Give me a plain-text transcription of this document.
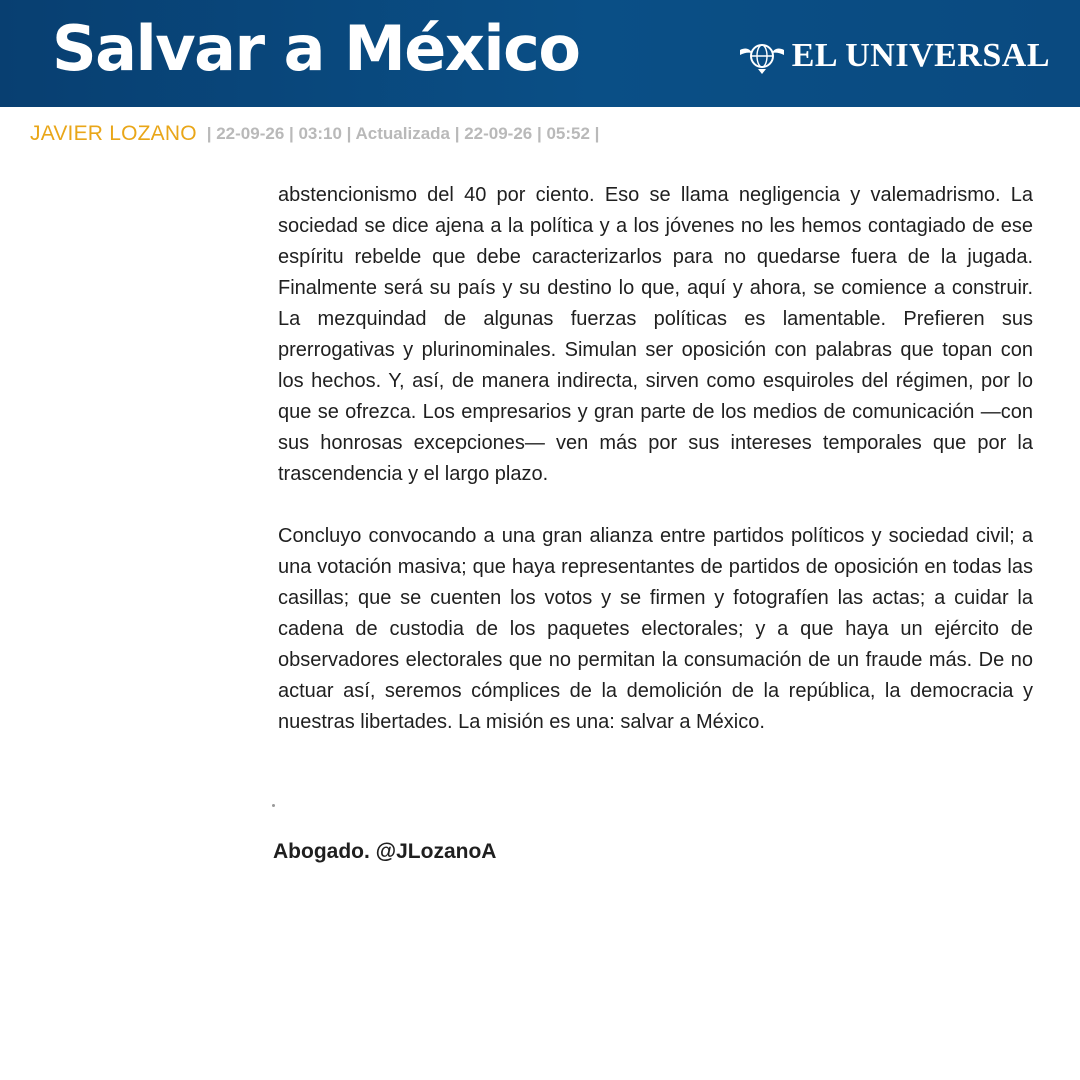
Salvar a México	EL UNIVERSAL
JAVIER LOZANO | 22-09-26 | 03:10 | Actualizada | 22-09-26 | 05:52 |

abstencionismo del 40 por ciento. Eso se llama negligencia y valemadrismo. La sociedad se dice ajena a la política y a los jóvenes no les hemos contagiado de ese espíritu rebelde que debe caracterizarlos para no quedarse fuera de la jugada. Finalmente será su país y su destino lo que, aquí y ahora, se comience a construir. La mezquindad de algunas fuerzas políticas es lamentable. Prefieren sus prerrogativas y plurinominales. Simulan ser oposición con palabras que topan con los hechos. Y, así, de manera indirecta, sirven como esquiroles del régimen, por lo que se ofrezca. Los empresarios y gran parte de los medios de comunicación —con sus honrosas excepciones— ven más por sus intereses temporales que por la trascendencia y el largo plazo.

Concluyo convocando a una gran alianza entre partidos políticos y sociedad civil; a una votación masiva; que haya representantes de partidos de oposición en todas las casillas; que se cuenten los votos y se firmen y fotografíen las actas; a cuidar la cadena de custodia de los paquetes electorales; y a que haya un ejército de observadores electorales que no permitan la consumación de un fraude más. De no actuar así, seremos cómplices de la demolición de la república, la democracia y nuestras libertades. La misión es una: salvar a México.

Abogado. @JLozanoA
